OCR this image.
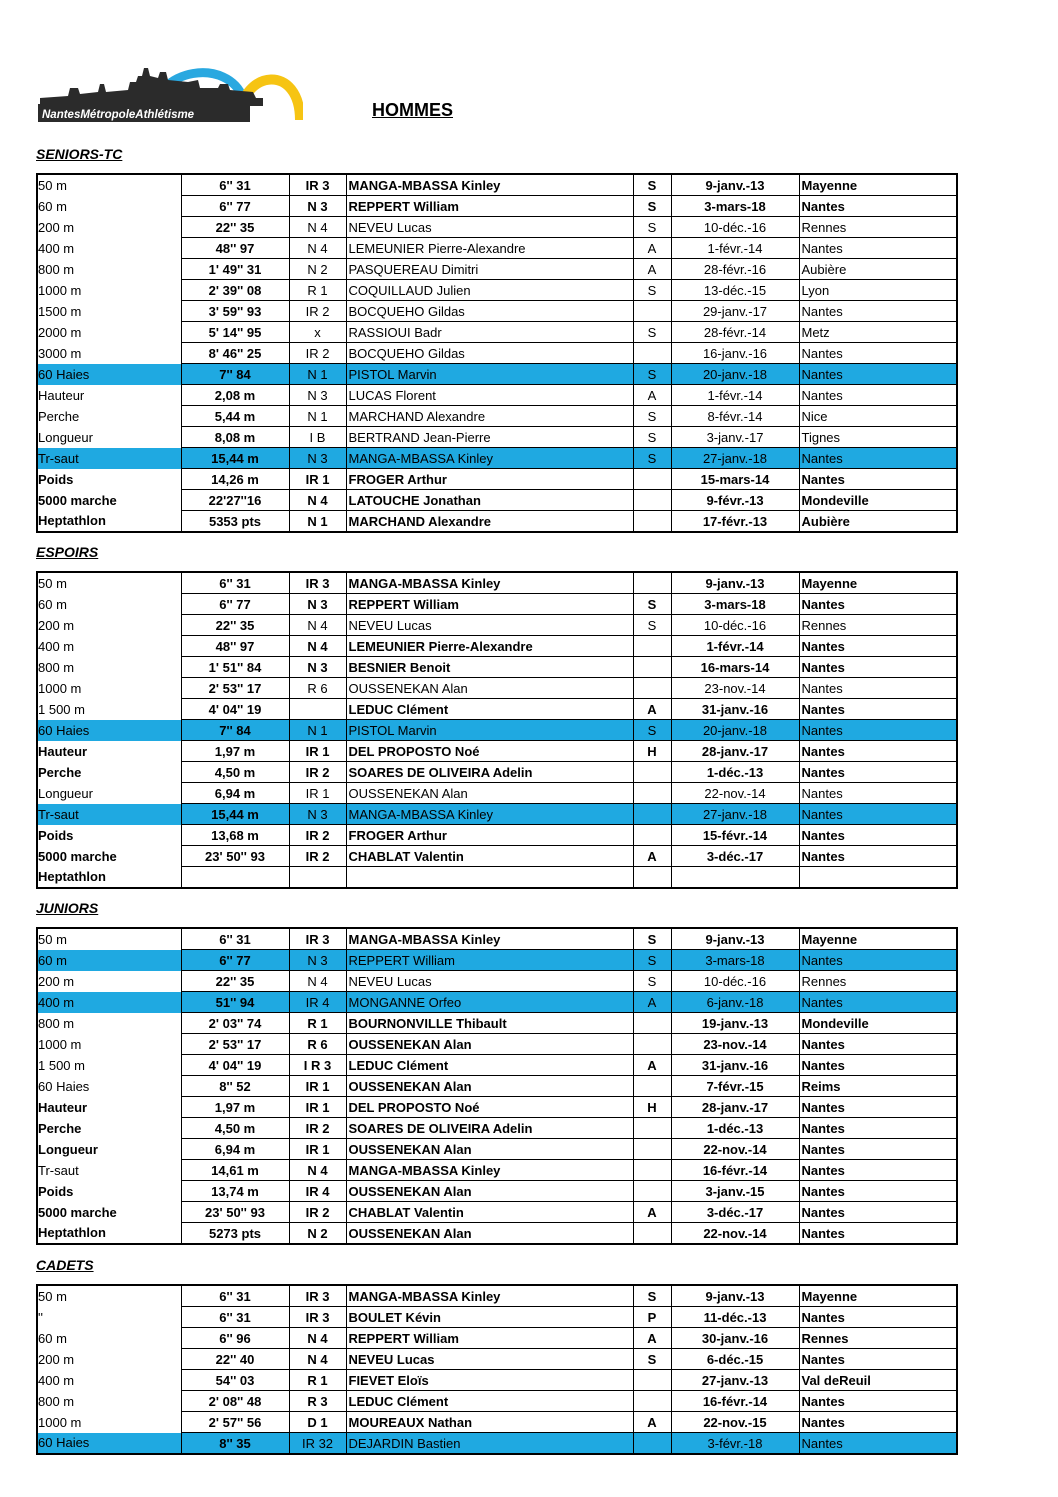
NantesMétropoleAthlétisme	HOMMES
SENIORS-TC
50 m	6'' 31	IR 3	MANGA-MBASSA Kinley	S	9-janv.-13	Mayenne
60 m	6'' 77	N 3	REPPERT William	S	3-mars-18	Nantes
200 m	22'' 35	N 4	NEVEU Lucas	S	10-déc.-16	Rennes
400 m	48'' 97	N 4	LEMEUNIER Pierre-Alexandre	A	1-févr.-14	Nantes
800 m	1' 49'' 31	N 2	PASQUEREAU Dimitri	A	28-févr.-16	Aubière
1000 m	2' 39'' 08	R 1	COQUILLAUD Julien	S	13-déc.-15	Lyon
1500 m	3' 59'' 93	IR 2	BOCQUEHO Gildas		29-janv.-17	Nantes
2000 m	5' 14'' 95	x	RASSIOUI Badr	S	28-févr.-14	Metz
3000 m	8' 46'' 25	IR 2	BOCQUEHO Gildas		16-janv.-16	Nantes
60 Haies	7'' 84	N 1	PISTOL Marvin	S	20-janv.-18	Nantes
Hauteur	2,08 m	N 3	LUCAS Florent	A	1-févr.-14	Nantes
Perche	5,44 m	N 1	MARCHAND Alexandre	S	8-févr.-14	Nice
Longueur	8,08 m	I B	BERTRAND Jean-Pierre	S	3-janv.-17	Tignes
Tr-saut	15,44 m	N 3	MANGA-MBASSA Kinley	S	27-janv.-18	Nantes
Poids	14,26 m	IR 1	FROGER Arthur		15-mars-14	Nantes
5000 marche	22'27''16	N 4	LATOUCHE Jonathan		9-févr.-13	Mondeville
Heptathlon	5353 pts	N 1	MARCHAND Alexandre		17-févr.-13	Aubière
ESPOIRS
50 m	6'' 31	IR 3	MANGA-MBASSA Kinley		9-janv.-13	Mayenne
60 m	6'' 77	N 3	REPPERT William	S	3-mars-18	Nantes
200 m	22'' 35	N 4	NEVEU Lucas	S	10-déc.-16	Rennes
400 m	48'' 97	N 4	LEMEUNIER Pierre-Alexandre		1-févr.-14	Nantes
800 m	1' 51'' 84	N 3	BESNIER Benoit		16-mars-14	Nantes
1000 m	2' 53'' 17	R 6	OUSSENEKAN Alan		23-nov.-14	Nantes
1 500 m	4' 04'' 19		LEDUC Clément	A	31-janv.-16	Nantes
60 Haies	7'' 84	N 1	PISTOL Marvin	S	20-janv.-18	Nantes
Hauteur	1,97 m	IR 1	DEL PROPOSTO Noé	H	28-janv.-17	Nantes
Perche	4,50 m	IR 2	SOARES DE OLIVEIRA Adelin		1-déc.-13	Nantes
Longueur	6,94 m	IR 1	OUSSENEKAN Alan		22-nov.-14	Nantes
Tr-saut	15,44 m	N 3	MANGA-MBASSA Kinley		27-janv.-18	Nantes
Poids	13,68 m	IR 2	FROGER Arthur		15-févr.-14	Nantes
5000 marche	23' 50'' 93	IR 2	CHABLAT Valentin	A	3-déc.-17	Nantes
Heptathlon						
JUNIORS
50 m	6'' 31	IR 3	MANGA-MBASSA Kinley	S	9-janv.-13	Mayenne
60 m	6'' 77	N 3	REPPERT William	S	3-mars-18	Nantes
200 m	22'' 35	N 4	NEVEU Lucas	S	10-déc.-16	Rennes
400 m	51'' 94	IR 4	MONGANNE Orfeo	A	6-janv.-18	Nantes
800 m	2' 03'' 74	R 1	BOURNONVILLE Thibault		19-janv.-13	Mondeville
1000 m	2' 53'' 17	R 6	OUSSENEKAN Alan		23-nov.-14	Nantes
1 500 m	4' 04'' 19	I R 3	LEDUC Clément	A	31-janv.-16	Nantes
60 Haies	8'' 52	IR 1	OUSSENEKAN Alan		7-févr.-15	Reims
Hauteur	1,97 m	IR 1	DEL PROPOSTO Noé	H	28-janv.-17	Nantes
Perche	4,50 m	IR 2	SOARES DE OLIVEIRA Adelin		1-déc.-13	Nantes
Longueur	6,94 m	IR 1	OUSSENEKAN Alan		22-nov.-14	Nantes
Tr-saut	14,61 m	N 4	MANGA-MBASSA Kinley		16-févr.-14	Nantes
Poids	13,74 m	IR 4	OUSSENEKAN Alan		3-janv.-15	Nantes
5000 marche	23' 50'' 93	IR 2	CHABLAT Valentin	A	3-déc.-17	Nantes
Heptathlon	5273 pts	N 2	OUSSENEKAN Alan		22-nov.-14	Nantes
CADETS
50 m	6'' 31	IR 3	MANGA-MBASSA Kinley	S	9-janv.-13	Mayenne
''	6'' 31	IR 3	BOULET Kévin	P	11-déc.-13	Nantes
60 m	6'' 96	N 4	REPPERT William	A	30-janv.-16	Rennes
200 m	22'' 40	N 4	NEVEU Lucas	S	6-déc.-15	Nantes
400 m	54'' 03	R 1	FIEVET Eloïs		27-janv.-13	Val deReuil
800 m	2' 08'' 48	R 3	LEDUC Clément		16-févr.-14	Nantes
1000 m	2' 57'' 56	D 1	MOUREAUX Nathan	A	22-nov.-15	Nantes
60 Haies	8'' 35	IR 32	DEJARDIN Bastien		3-févr.-18	Nantes
